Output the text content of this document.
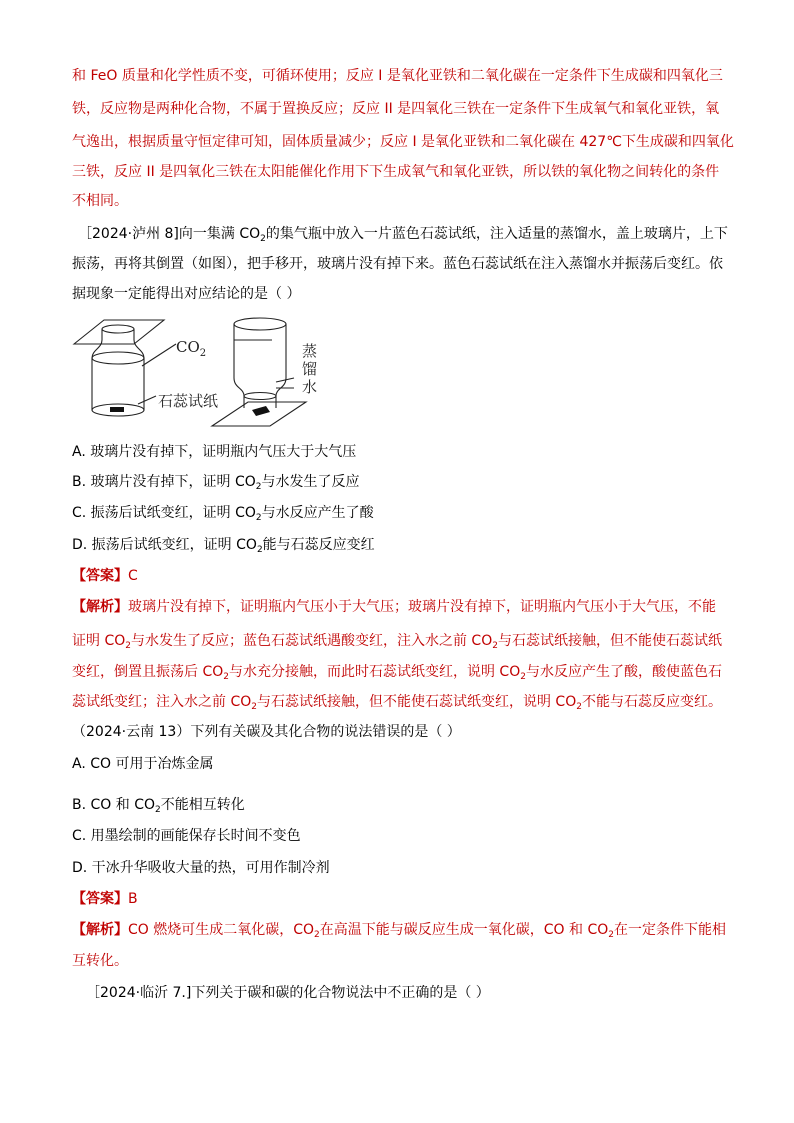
和 FeO 质量和化学性质不变，可循环使用；反应 I 是氧化亚铁和二氧化碳在一定条件下生成碳和四氧化三
铁，反应物是两种化合物，不属于置换反应；反应 II 是四氧化三铁在一定条件下生成氧气和氧化亚铁，氧
气逸出，根据质量守恒定律可知，固体质量减少；反应 I 是氧化亚铁和二氧化碳在 427℃下生成碳和四氧化
三铁，反应 II 是四氧化三铁在太阳能催化作用下下生成氧气和氧化亚铁，所以铁的氧化物之间转化的条件
不相同。
［2024·泸州 8]向一集满 $CO_2$的集气瓶中放入一片蓝色石蕊试纸，注入适量的蒸馏水，盖上玻璃片，上下
振荡，再将其倒置（如图），把手移开，玻璃片没有掉下来。蓝色石蕊试纸在注入蒸馏水并振荡后变红。依
据现象一定能得出对应结论的是（ ）
$CO_2$
石蕊试纸
蒸
馏
水
A. 玻璃片没有掉下，证明瓶内气压大于大气压
B. 玻璃片没有掉下，证明 $CO_2$与水发生了反应
C. 振荡后试纸变红，证明 $CO_2$与水反应产生了酸
D. 振荡后试纸变红，证明 $CO_2$能与石蕊反应变红
【答案】C
【解析】玻璃片没有掉下，证明瓶内气压小于大气压；玻璃片没有掉下，证明瓶内气压小于大气压，不能
证明 $CO_2$与水发生了反应；蓝色石蕊试纸遇酸变红，注入水之前 $CO_2$与石蕊试纸接触，但不能使石蕊试纸
变红，倒置且振荡后 $CO_2$与水充分接触，而此时石蕊试纸变红，说明 $CO_2$与水反应产生了酸，酸使蓝色石
蕊试纸变红；注入水之前 $CO_2$与石蕊试纸接触，但不能使石蕊试纸变红，说明 $CO_2$不能与石蕊反应变红。
（2024·云南 13）下列有关碳及其化合物的说法错误的是（ ）
A. CO 可用于冶炼金属
B. CO 和 $CO_2$不能相互转化
C. 用墨绘制的画能保存长时间不变色
D. 干冰升华吸收大量的热，可用作制冷剂
【答案】B
【解析】CO 燃烧可生成二氧化碳，$CO_2$在高温下能与碳反应生成一氧化碳，CO 和 $CO_2$在一定条件下能相
互转化。
［2024·临沂 7.]下列关于碳和碳的化合物说法中不正确的是（ ）
